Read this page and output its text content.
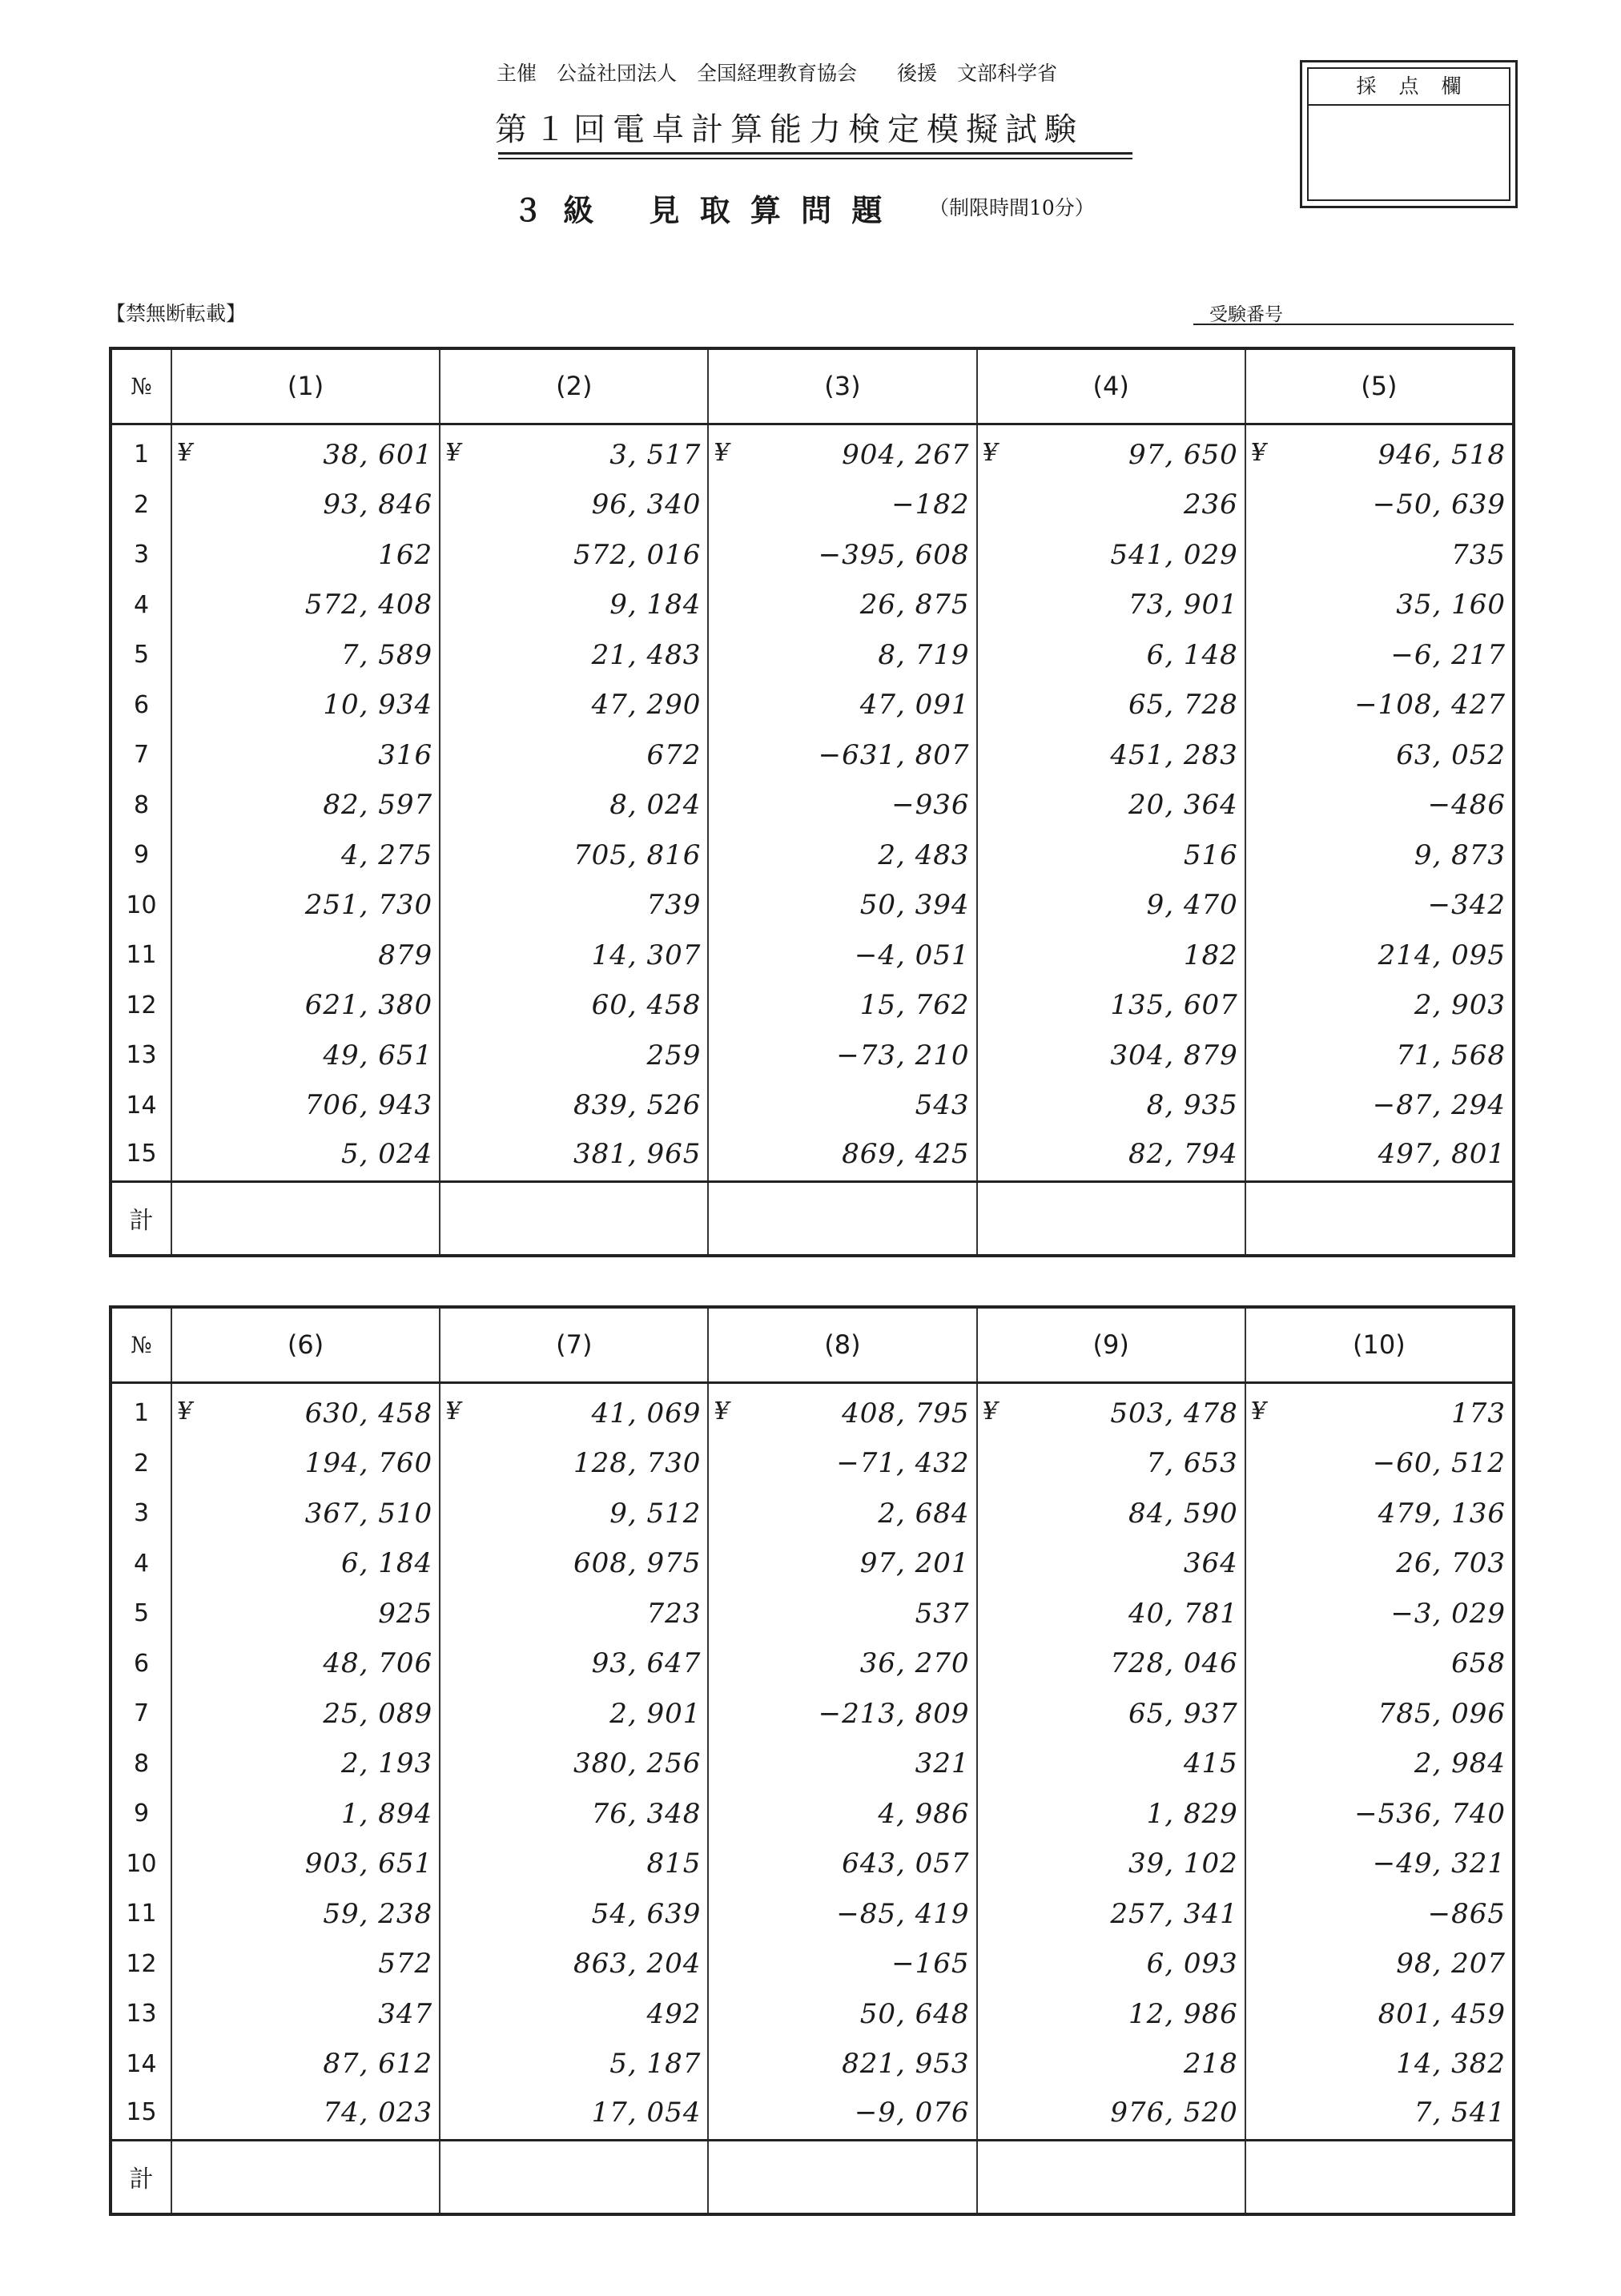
主催　公益社団法人　全国経理教育協会　　後援　文部科学省
第１回電卓計算能力検定模擬試験
３ 級　 見 取 算 問 題 （制限時間10分）
採点欄
【禁無断転載】	受験番号
№	(1)	(2)	(3)	(4)	(5)
1	¥ 38, 601	¥ 3, 517	¥ 904, 267	¥ 97, 650	¥ 946, 518
2	93, 846	96, 340	−182	236	−50, 639
3	162	572, 016	−395, 608	541, 029	735
4	572, 408	9, 184	26, 875	73, 901	35, 160
5	7, 589	21, 483	8, 719	6, 148	−6, 217
6	10, 934	47, 290	47, 091	65, 728	−108, 427
7	316	672	−631, 807	451, 283	63, 052
8	82, 597	8, 024	−936	20, 364	−486
9	4, 275	705, 816	2, 483	516	9, 873
10	251, 730	739	50, 394	9, 470	−342
11	879	14, 307	−4, 051	182	214, 095
12	621, 380	60, 458	15, 762	135, 607	2, 903
13	49, 651	259	−73, 210	304, 879	71, 568
14	706, 943	839, 526	543	8, 935	−87, 294
15	5, 024	381, 965	869, 425	82, 794	497, 801
計					
№	(6)	(7)	(8)	(9)	(10)
1	¥ 630, 458	¥ 41, 069	¥ 408, 795	¥ 503, 478	¥ 173
2	194, 760	128, 730	−71, 432	7, 653	−60, 512
3	367, 510	9, 512	2, 684	84, 590	479, 136
4	6, 184	608, 975	97, 201	364	26, 703
5	925	723	537	40, 781	−3, 029
6	48, 706	93, 647	36, 270	728, 046	658
7	25, 089	2, 901	−213, 809	65, 937	785, 096
8	2, 193	380, 256	321	415	2, 984
9	1, 894	76, 348	4, 986	1, 829	−536, 740
10	903, 651	815	643, 057	39, 102	−49, 321
11	59, 238	54, 639	−85, 419	257, 341	−865
12	572	863, 204	−165	6, 093	98, 207
13	347	492	50, 648	12, 986	801, 459
14	87, 612	5, 187	821, 953	218	14, 382
15	74, 023	17, 054	−9, 076	976, 520	7, 541
計					
